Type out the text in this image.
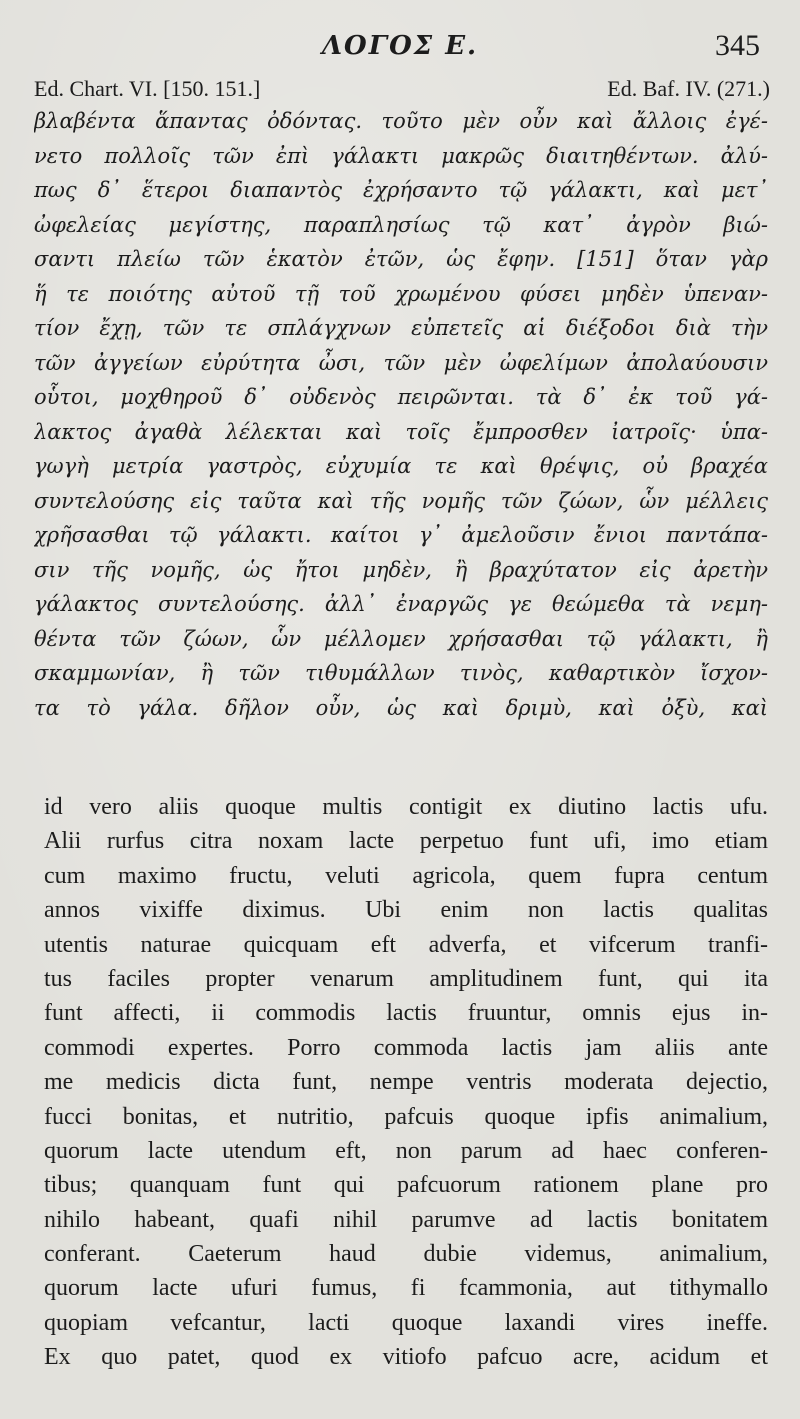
ΛΟΓΟΣ Ε.	345
Ed. Chart. VI. [150. 151.]	Ed. Baf. IV. (271.)
βλαβέντα ἅπαντας ὀδόντας. τοῦτο μὲν οὖν καὶ ἄλλοις ἐγέ-
νετο πολλοῖς τῶν ἐπὶ γάλακτι μακρῶς διαιτηθέντων. ἀλύ-
πως δ᾽ ἕτεροι διαπαντὸς ἐχρήσαντο τῷ γάλακτι, καὶ μετ᾽
ὠφελείας μεγίστης, παραπλησίως τῷ κατ᾽ ἀγρὸν βιώ-
σαντι πλείω τῶν ἑκατὸν ἐτῶν, ὡς ἔφην. [151] ὅταν γὰρ
ἥ τε ποιότης αὐτοῦ τῇ τοῦ χρωμένου φύσει μηδὲν ὑπεναν-
τίον ἔχῃ, τῶν τε σπλάγχνων εὐπετεῖς αἱ διέξοδοι διὰ τὴν
τῶν ἀγγείων εὐρύτητα ὦσι, τῶν μὲν ὠφελίμων ἀπολαύουσιν
οὗτοι, μοχθηροῦ δ᾽ οὐδενὸς πειρῶνται. τὰ δ᾽ ἐκ τοῦ γά-
λακτος ἀγαθὰ λέλεκται καὶ τοῖς ἔμπροσθεν ἰατροῖς· ὑπα-
γωγὴ μετρία γαστρὸς, εὐχυμία τε καὶ θρέψις, οὐ βραχέα
συντελούσης εἰς ταῦτα καὶ τῆς νομῆς τῶν ζώων, ὧν μέλλεις
χρῆσασθαι τῷ γάλακτι. καίτοι γ᾽ ἀμελοῦσιν ἔνιοι παντάπα-
σιν τῆς νομῆς, ὡς ἤτοι μηδὲν, ἢ βραχύτατον εἰς ἀρετὴν
γάλακτος συντελούσης. ἀλλ᾽ ἐναργῶς γε θεώμεθα τὰ νεμη-
θέντα τῶν ζώων, ὧν μέλλομεν χρήσασθαι τῷ γάλακτι, ἢ
σκαμμωνίαν, ἢ τῶν τιθυμάλλων τινὸς, καθαρτικὸν ἴσχον-
τα τὸ γάλα. δῆλον οὖν, ὡς καὶ δριμὺ, καὶ ὀξὺ, καὶ
id vero aliis quoque multis contigit ex diutino lactis ufu.
Alii rurfus citra noxam lacte perpetuo funt ufi, imo etiam
cum maximo fructu, veluti agricola, quem fupra centum
annos vixiffe diximus. Ubi enim non lactis qualitas
utentis naturae quicquam eft adverfa, et vifcerum tranfi-
tus faciles propter venarum amplitudinem funt, qui ita
funt affecti, ii commodis lactis fruuntur, omnis ejus in-
commodi expertes. Porro commoda lactis jam aliis ante
me medicis dicta funt, nempe ventris moderata dejectio,
fucci bonitas, et nutritio, pafcuis quoque ipfis animalium,
quorum lacte utendum eft, non parum ad haec conferen-
tibus; quanquam funt qui pafcuorum rationem plane pro
nihilo habeant, quafi nihil parumve ad lactis bonitatem
conferant. Caeterum haud dubie videmus, animalium,
quorum lacte ufuri fumus, fi fcammonia, aut tithymallo
quopiam vefcantur, lacti quoque laxandi vires ineffe.
Ex quo patet, quod ex vitiofo pafcuo acre, acidum et
